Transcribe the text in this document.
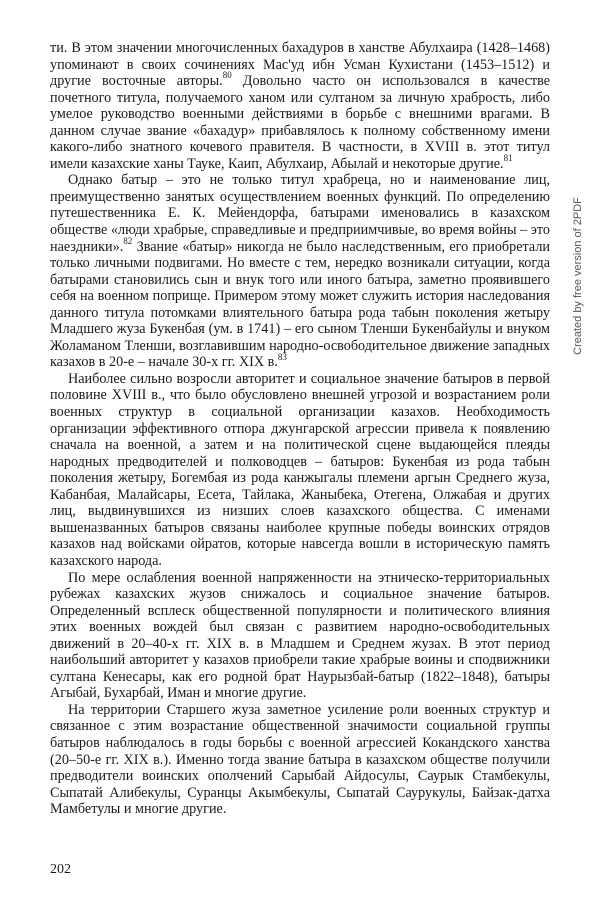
ти. В этом значении многочисленных бахадуров в ханстве Абулхаира (1428–1468) упоминают в своих сочинениях Мас'уд ибн Усман Кухистани (1453–1512) и другие восточные авторы.$^{80}$ Довольно часто он использовался в качестве почетного титула, получаемого ханом или султаном за личную храбрость, либо умелое руководство военными действиями в борьбе с внешними врагами. В данном случае звание «бахадур» прибавлялось к полному собственному имени какого-либо знатного кочевого правителя. В частности, в XVIII в. этот титул имели казахские ханы Тауке, Каип, Абулхаир, Абылай и некоторые другие.$^{81}$

Однако батыр – это не только титул храбреца, но и наименование лиц, преимущественно занятых осуществлением военных функций. По определению путешественника Е. К. Мейендорфа, батырами именовались в казахском обществе «люди храбрые, справедливые и предприимчивые, во время войны – это наездники».$^{82}$ Звание «батыр» никогда не было наследственным, его приобретали только личными подвигами. Но вместе с тем, нередко возникали ситуации, когда батырами становились сын и внук того или иного батыра, заметно проявившего себя на военном поприще. Примером этому может служить история наследования данного титула потомками влиятельного батыра рода табын поколения жетыру Младшего жуза Букенбая (ум. в 1741) – его сыном Тленши Букенбайулы и внуком Жоламаном Тленши, возглавившим народно-освободительное движение западных казахов в 20-е – начале 30-х гг. XIX в.$^{83}$

Наиболее сильно возросли авторитет и социальное значение батыров в первой половине XVIII в., что было обусловлено внешней угрозой и возрастанием роли военных структур в социальной организации казахов. Необходимость организации эффективного отпора джунгарской агрессии привела к появлению сначала на военной, а затем и на политической сцене выдающейся плеяды народных предводителей и полководцев – батыров: Букенбая из рода табын поколения жетыру, Богембая из рода канжыгалы племени аргын Среднего жуза, Кабанбая, Малайсары, Есета, Тайлака, Жаныбека, Отегена, Олжабая и других лиц, выдвинувшихся из низших слоев казахского общества. С именами вышеназванных батыров связаны наиболее крупные победы воинских отрядов казахов над войсками ойратов, которые навсегда вошли в историческую память казахского народа.

По мере ослабления военной напряженности на этническо-территориальных рубежах казахских жузов снижалось и социальное значение батыров. Определенный всплеск общественной популярности и политического влияния этих военных вождей был связан с развитием народно-освободительных движений в 20–40-х гг. XIX в. в Младшем и Среднем жузах. В этот период наибольший авторитет у казахов приобрели такие храбрые воины и сподвижники султана Кенесары, как его родной брат Наурызбай-батыр (1822–1848), батыры Агыбай, Бухарбай, Иман и многие другие.

На территории Старшего жуза заметное усиление роли военных структур и связанное с этим возрастание общественной значимости социальной группы батыров наблюдалось в годы борьбы с военной агрессией Кокандского ханства (20–50-е гг. XIX в.). Именно тогда звание батыра в казахском обществе получили предводители воинских ополчений Сарыбай Айдосулы, Саурык Стамбекулы, Сыпатай Алибекулы, Суранцы Акымбекулы, Сыпатай Саурукулы, Байзак-датха Мамбетулы и многие другие.

Created by free version of 2PDF
202
